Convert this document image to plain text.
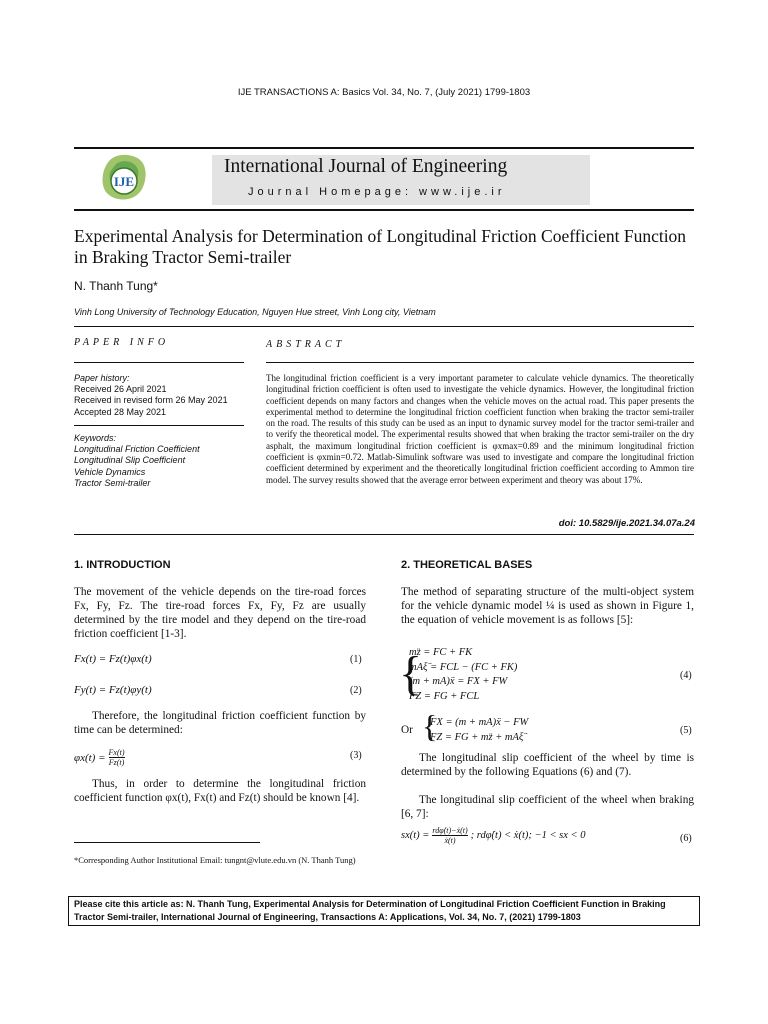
IJE TRANSACTIONS A: Basics Vol. 34, No. 7, (July 2021) 1799-1803
IJE
International Journal of Engineering
Journal Homepage: www.ije.ir
Experimental Analysis for Determination of Longitudinal Friction Coefficient Function in Braking Tractor Semi-trailer
N. Thanh Tung*
Vinh Long University of Technology Education, Nguyen Hue street, Vinh Long city, Vietnam
PAPER INFO
Paper history:
Received 26 April 2021
Received in revised form 26 May 2021
Accepted 28 May 2021
Keywords:
Longitudinal Friction Coefficient
Longitudinal Slip Coefficient
Vehicle Dynamics
Tractor Semi-trailer
ABSTRACT
The longitudinal friction coefficient is a very important parameter to calculate vehicle dynamics. The theoretically longitudinal friction coefficient is often used to investigate the vehicle dynamics. However, the longitudinal friction coefficient depends on many factors and changes when the vehicle moves on the actual road. This paper presents the experimental method to determine the longitudinal friction coefficient function when braking the tractor semi-trailer on the road. The results of this study can be used as an input to dynamic survey model for the tractor semi-trailer and to verify the theoretical model. The experimental results showed that when braking the tractor semi-trailer on the dry asphalt, the maximum longitudinal friction coefficient is φxmax=0.89 and the minimum longitudinal friction coefficient is φxmin=0.72. Matlab-Simulink software was used to investigate and compare the longitudinal friction coefficient determined by experiment and the theoretically longitudinal friction coefficient according to Ammon tire model. The survey results showed that the average error between experiment and theory was about 17%.
doi: 10.5829/ije.2021.34.07a.24
1. INTRODUCTION
The movement of the vehicle depends on the tire-road forces Fx, Fy, Fz. The tire-road forces Fx, Fy, Fz are usually determined by the tire model and they depend on the tire-road friction coefficient [1-3].
Fx(t) = Fz(t)φx(t)	(1)
Fy(t) = Fz(t)φy(t)	(2)
Therefore, the longitudinal friction coefficient function by time can be determined:
$\varphi x(t) = \frac{Fx(t)}{Fz(t)}$	(3)
Thus, in order to determine the longitudinal friction coefficient function φx(t), Fx(t) and Fz(t) should be known [4].
*Corresponding Author Institutional Email: tungnt@vlute.edu.vn (N. Thanh Tung)
2. THEORETICAL BASES
The method of separating structure of the multi-object system for the vehicle dynamic model ¼ is used as shown in Figure 1, the equation of vehicle movement is as follows [5]:
{
mz̈ = FC + FK
mAξ̈ = FCL − (FC + FK)
(m + mA)ẍ = FX + FW
FZ = FG + FCL
(4)
Or {
FX = (m + mA)ẍ − FW
FZ = FG + mz̈ + mAξ̈
(5)
The longitudinal slip coefficient of the wheel by time is determined by the following Equations (6) and (7).
The longitudinal slip coefficient of the wheel when braking [6, 7]:
sx(t) = rdφ̇(t)−ẋ(t)
ẋ(t) ; rdφ̇(t) < ẋ(t); −1 < sx < 0	(6)
Please cite this article as: N. Thanh Tung, Experimental Analysis for Determination of Longitudinal Friction Coefficient Function in Braking Tractor Semi-trailer, International Journal of Engineering, Transactions A: Applications, Vol. 34, No. 7, (2021) 1799-1803
